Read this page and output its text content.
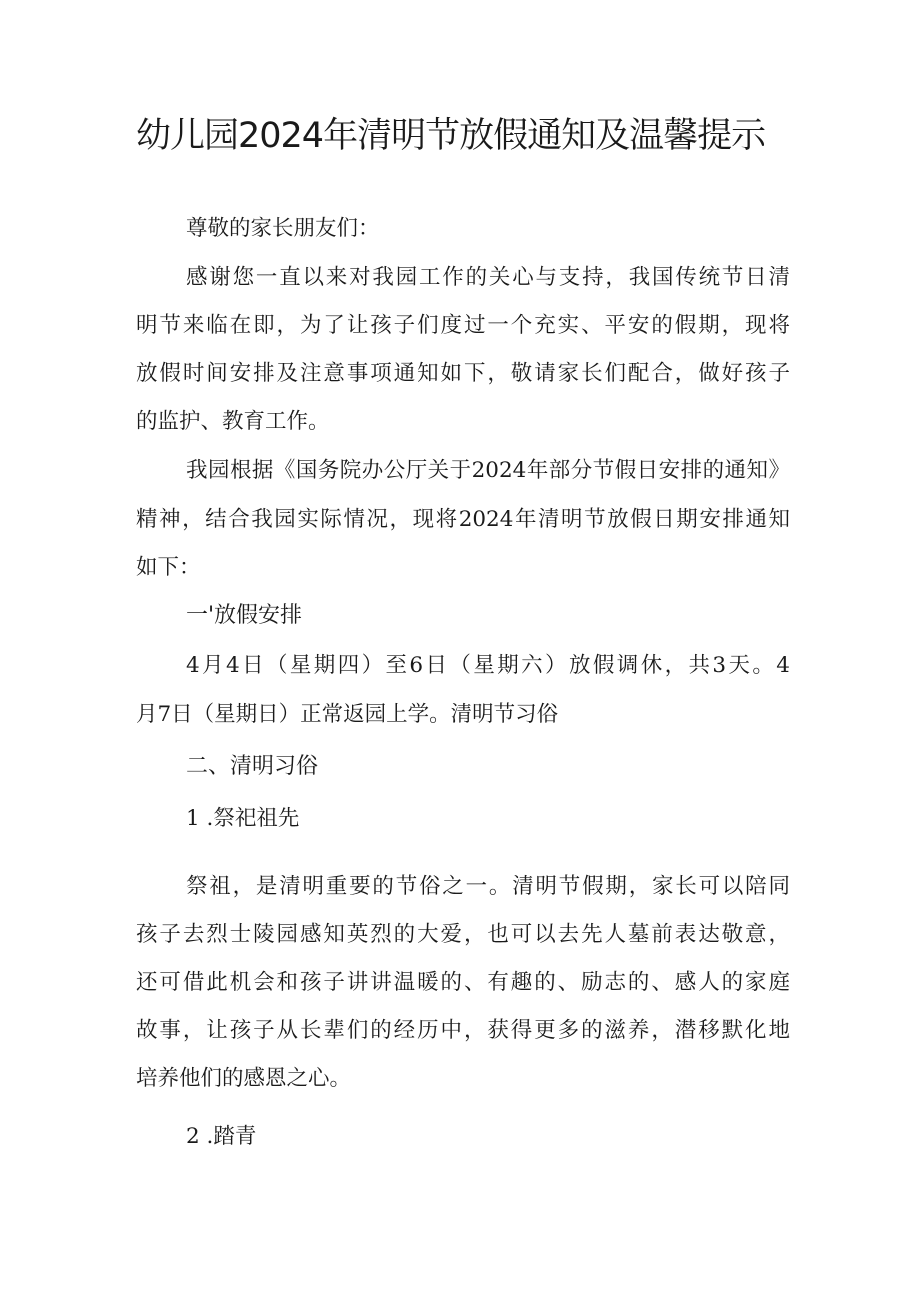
幼儿园2024年清明节放假通知及温馨提示

尊敬的家长朋友们：

感谢您一直以来对我园工作的关心与支持，我国传统节日清

明节来临在即，为了让孩子们度过一个充实、平安的假期，现将

放假时间安排及注意事项通知如下，敬请家长们配合，做好孩子

的监护、教育工作。

我园根据《国务院办公厅关于2024年部分节假日安排的通知》

精神，结合我园实际情况，现将2024年清明节放假日期安排通知

如下：

一'放假安排

4月4日（星期四）至6日（星期六）放假调休，共3天。4

月7日（星期日）正常返园上学。清明节习俗

二、清明习俗

1 .祭祀祖先

祭祖，是清明重要的节俗之一。清明节假期，家长可以陪同

孩子去烈士陵园感知英烈的大爱，也可以去先人墓前表达敬意，

还可借此机会和孩子讲讲温暖的、有趣的、励志的、感人的家庭

故事，让孩子从长辈们的经历中，获得更多的滋养，潜移默化地

培养他们的感恩之心。

2 .踏青
